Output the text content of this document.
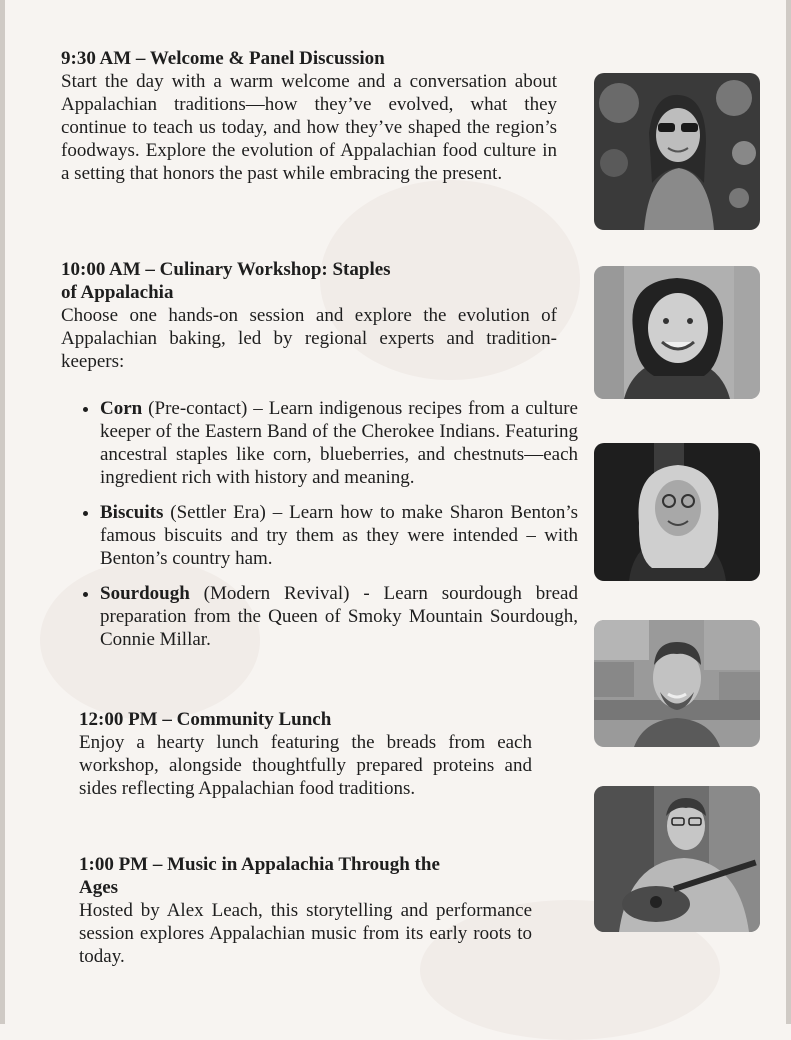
9:30 AM – Welcome & Panel Discussion

Start the day with a warm welcome and a conversation about Appalachian traditions—how they’ve evolved, what they continue to teach us today, and how they’ve shaped the region’s foodways. Explore the evolution of Appalachian food culture in a setting that honors the past while embracing the present.

10:00 AM – Culinary Workshop: Staples

of Appalachia

Choose one hands-on session and explore the evolution of Appalachian baking, led by regional experts and tradition-keepers:

• Corn (Pre-contact) – Learn indigenous recipes from a culture keeper of the Eastern Band of the Cherokee Indians. Featuring ancestral staples like corn, blueberries, and chestnuts—each ingredient rich with history and meaning.
• Biscuits (Settler Era) – Learn how to make Sharon Benton’s famous biscuits and try them as they were intended – with Benton’s country ham.
• Sourdough (Modern Revival) - Learn sourdough bread preparation from the Queen of Smoky Mountain Sourdough, Connie Millar.

12:00 PM – Community Lunch

Enjoy a hearty lunch featuring the breads from each workshop, alongside thoughtfully prepared proteins and sides reflecting Appalachian food traditions.

1:00 PM – Music in Appalachia Through the

Ages

Hosted by Alex Leach, this storytelling and performance session explores Appalachian music from its early roots to today.
